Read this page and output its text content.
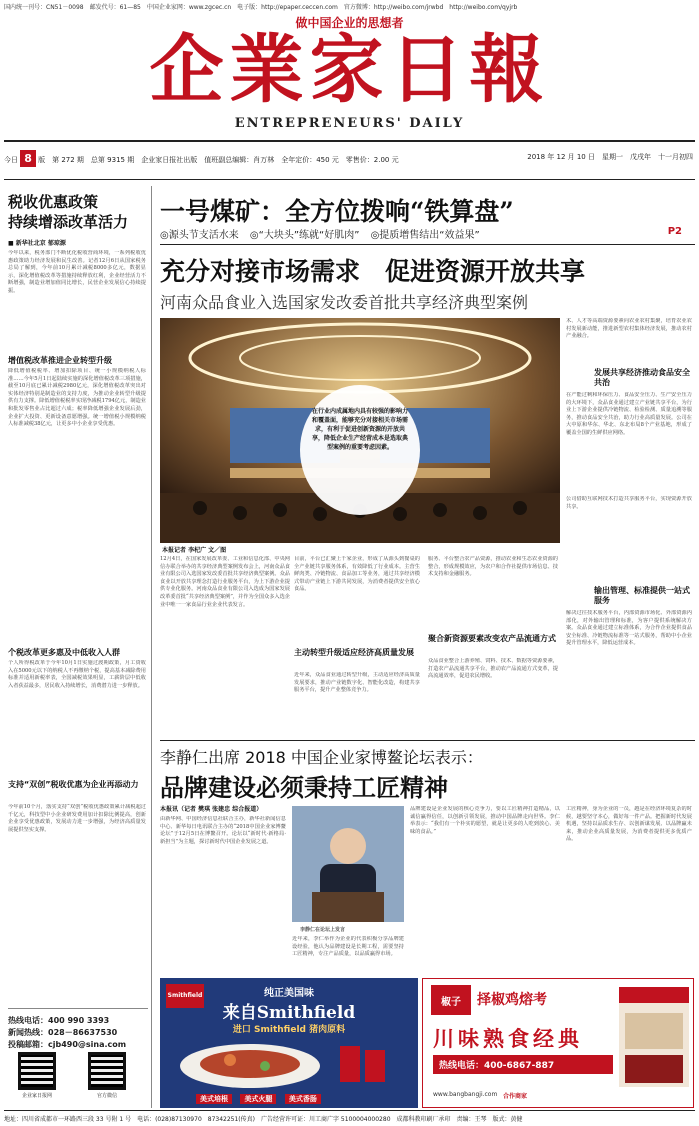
国内统一刊号：CN51－0098　邮发代号：61—85　中国企业家网：www.zgcec.cn　电子版：http://epaper.ceccen.com　官方微博：http://weibo.com/jrwbd　http://weibo.com/qyjrb
做中国企业的思想者
企業家日報
ENTREPRENEURS' DAILY
今日 8 版　第 272 期　总第 9315 期　企业家日报社出版　值班副总编辑：肖万林　全年定价：450 元　零售价：2.00 元	2018 年 12 月 10 日　星期一　戊戌年　十一月初四
税收优惠政策
持续增添改革活力
■ 新华社北京 郁琼源
今年以来，税务部门不断优化税收营商环境，一系列税收优惠政策助力经济发展和民生改善。记者12月6日从国家税务总局了解到，今年前10月累计减税8000多亿元，数据显示，深化增值税改革等措施持续释放红利，企业经营活力不断增强，制造业增加值同比增长，民营企业发展信心持续提振。
增值税改革推进企业转型升级
降低增值税税率、增加扣除项目、统一小规模纳税人标准……今年5月1日起陆续实施的深化增值税改革三项措施，截至10月底已累计减税2980亿元，深化增值税改革突出对实体经济特别是制造业的支持力度，为推动企业转型升级提供有力支撑。降低增值税税率实现净减税1794亿元，制造业和批发零售业占比超过六成；税率降低增强企业发展后劲，企业扩大投资、更新设备意愿增强。统一增值税小规模纳税人标准减税38亿元，让更多中小企业享受优惠。
个税改革更多惠及中低收入人群
个人所得税改革于今年10月1日实施过渡期政策，月工资收入在5000元以下的纳税人不再缴纳个税，提高基本减除费用标准并适用新税率表，全国减税效果明显，工薪阶层中低收入者获益最多，居民收入持续增长，消费潜力进一步释放。
支持“双创”税收优惠为企业再添动力
今年前10个月，落实支持“双创”税收优惠政策累计减税超过千亿元，科技型中小企业研发费用加计扣除比例提高，创新企业享受优惠政策，发展动力进一步增强，为经济高质量发展提供坚实支撑。
热线电话：400 990 3393
新闻热线：028－86637530
投稿邮箱：cjb490@sina.com
企业家日报网	官方微信
一号煤矿：全方位拨响“铁算盘”
◎源头节支活水来 ◎“大块头”练就“好肌肉” ◎提质增售结出“效益果”	P2
充分对接市场需求　促进资源开放共享
河南众品食业入选国家发改委首批共享经济典型案例
本报记者 李杞广 文／图
在行业内成属地内具有较强的影响力和覆盖面，能够充分对接相关市场需求，有利于促进创新资源的开放共享，降低企业生产经营成本是选取典型案例的重要考虑因素。
术、人才等高端资源要素向农业农村集聚，培育农业农村发展新动能，推进新型农村集体经济发展，推动农村产业融合。
发展共享经济推动食品安全共治
在产能过剩和环保压力、食品安全压力、生产安全压力的大环境下，众品食业通过建立产业链共享平台，为行业上下游企业提供冷链物流、检验检测、质量追溯等服务，推动食品安全共治，助力行业高质量发展。公司在大中原和华东、华北、东北布局8个产业基地，形成了覆盖全国的生鲜供应网络。
公司借助互联网技术打造共享服务平台，实现资源开放共享。
输出管理、标准提供一站式服务
解决过往技术服务平台，内部资源市场化、外部资源内部化，对外输出管理和标准，为客户提供系统解决方案。众品食业通过建立标准体系，为合作企业提供食品安全标准、冷链物流标准等一站式服务，帮助中小企业提升管理水平，降低运营成本。
12月4日，在国家发展改革委、工业和信息化部、中央网信办联合举办的共享经济典型案例发布会上，河南众品食业有限公司入选国家发改委首批共享经济典型案例。众品食业以开放共享理念打造行业服务平台，为上下游企业提供专业化服务。河南众品食业有限公司入选成为国家发展改革委首批“共享经济典型案例”，并作为全国众多入选企业中唯一一家食品行业企业代表发言。
目前，平台已汇聚上千家企业，形成了从源头到餐桌的全产业链共享服务体系，有效降低了行业成本。主营生鲜肉类、冷链物流、食品加工等业务，通过共享经济模式带动产业链上下游共同发展，为消费者提供安全放心食品。
主动转型升级适应经济高质量发展
近年来，众品食业通过转型升级，主动适应经济高质量发展要求，推动产业链数字化、智能化改造，构建共享服务平台，提升产业整体竞争力。
服务、平台整合农产品资源，推动农业和生态农业资源的整合，形成规模效应，为农户和合作社提供市场信息、技术支持和金融服务。
聚合新资源要素改变农产品流通方式
众品食业整合上游养殖、饲料、技术、数据等资源要素，打造农产品流通共享平台，推动农产品流通方式变革，提高流通效率，促进农民增收。
李静仁出席 2018 中国企业家博鳌论坛表示：
品牌建设必须秉持工匠精神
本报讯（记者 樊琪 张建忠 综合报道）
由新华网、中国经济信息社联合主办，新华社新闻信息中心、新华每日电讯联合主办的“2018中国企业家博鳌论坛”于12月5日在博鳌召开。论坛以“新时代·新格局·新担当”为主题，探讨新时代中国企业发展之道。
李静仁在论坛上发言
近年来，李仁举作为企业的代表积极分享品牌建设经验，他认为品牌建设是长期工程，需要坚持工匠精神，专注产品质量，以品质赢得市场。
品牌建设是企业发展的核心竞争力，要以工匠精神打造精品，以诚信赢得信任，以创新引领发展，推动中国品牌走向世界。李仁举表示：“我们有一个朴实的愿望，就是让更多的人吃到放心、美味的食品。”
工匠精神，身为企业的一员，越是在经济环境复杂的时候，越要坚守本心，做好每一件产品。把握新时代发展机遇，坚持以品质求生存、以创新谋发展、以品牌赢未来，推动企业高质量发展，为消费者提供更多优质产品。
Smithfield	纯正美国味
来自Smithfield
进口 Smithfield 猪肉原料
美式培根 美式火腿 美式香肠
椒子	择椒鸡熔考
川味熟食经典
热线电话：400-6867-887
www.bangbangji.com 合作商家
地址：四川省成都市一环路西三段 33 号附 1 号　电话：(028)87130970　87342251(传真)　广告经营许可证：川工商广字 5100004000280　成都科教印刷厂承印　责编：王琴　版式：黄健
